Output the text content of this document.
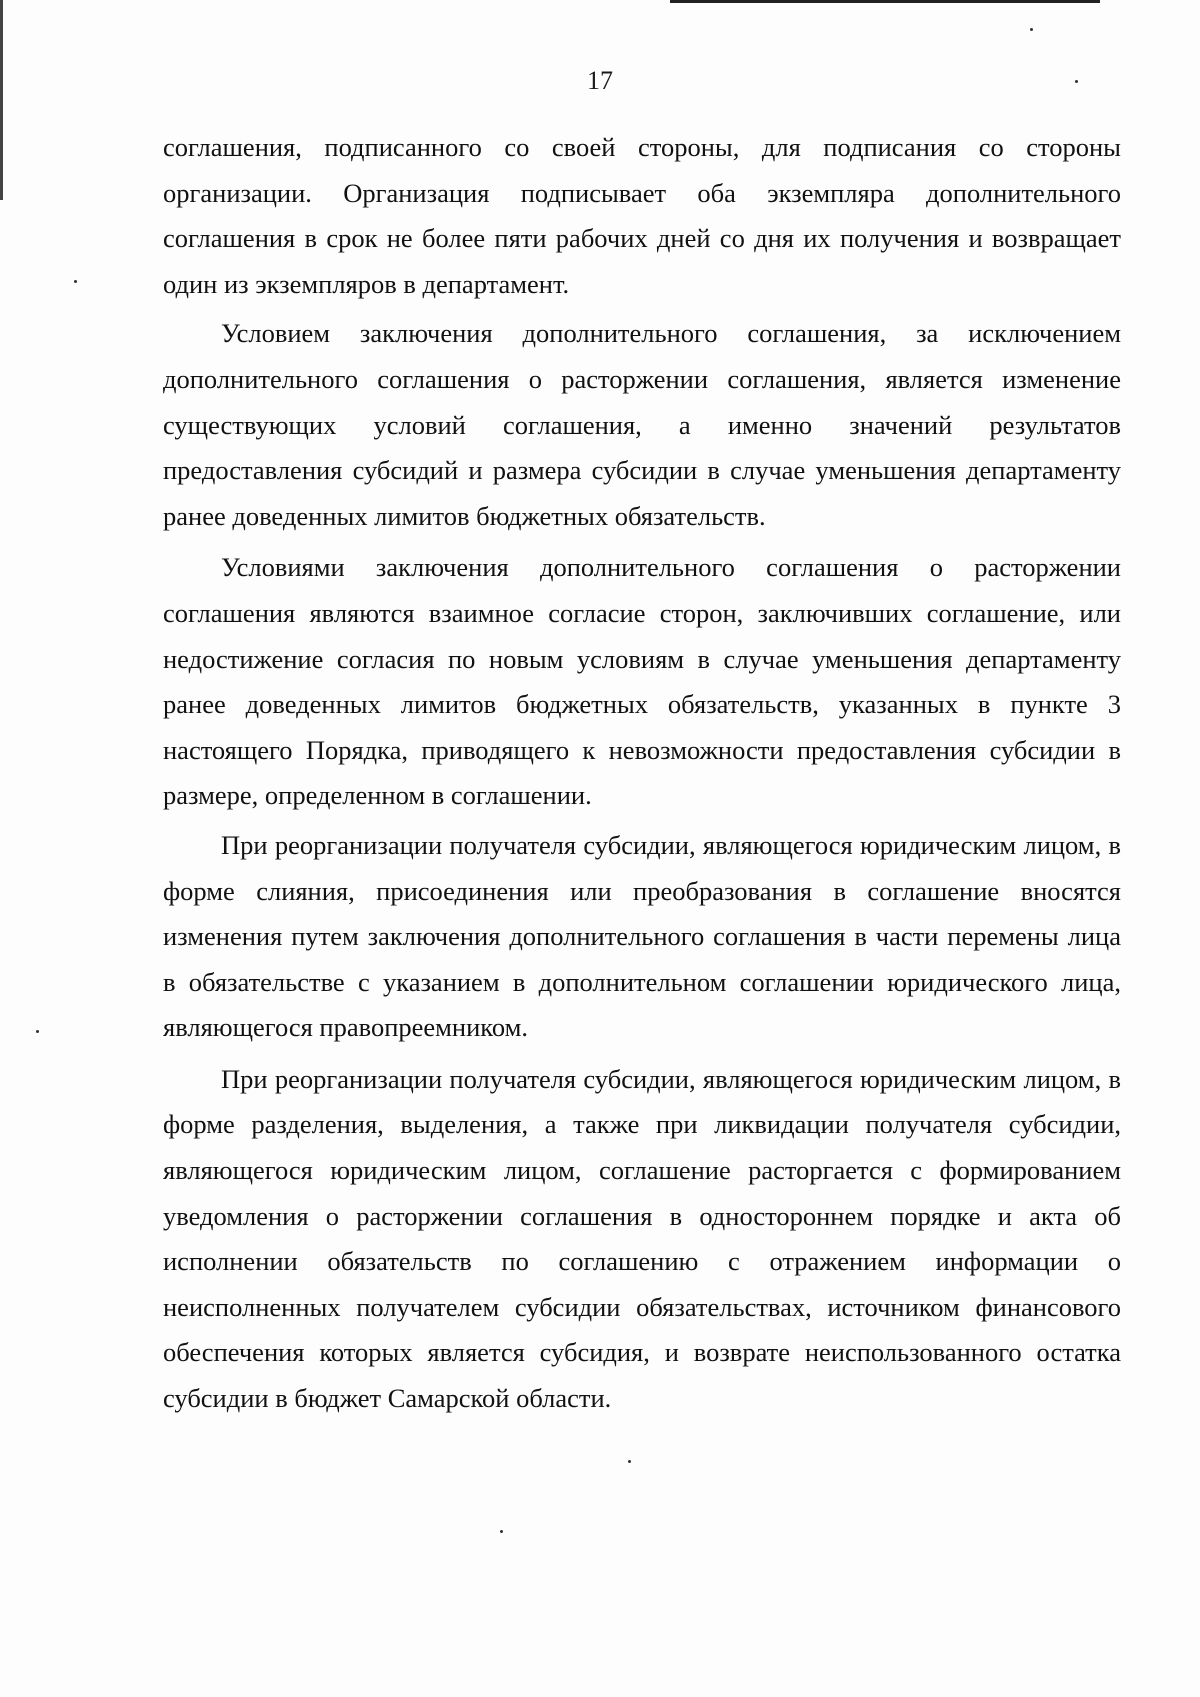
17

соглашения, подписанного со своей стороны, для подписания со стороны организации. Организация подписывает оба экземпляра дополнительного соглашения в срок не более пяти рабочих дней со дня их получения и возвращает один из экземпляров в департамент.

Условием заключения дополнительного соглашения, за исключением дополнительного соглашения о расторжении соглашения, является изменение существующих условий соглашения, а именно значений результатов предоставления субсидий и размера субсидии в случае уменьшения департаменту ранее доведенных лимитов бюджетных обязательств.

Условиями заключения дополнительного соглашения о расторжении соглашения являются взаимное согласие сторон, заключивших соглашение, или недостижение согласия по новым условиям в случае уменьшения департаменту ранее доведенных лимитов бюджетных обязательств, указанных в пункте 3 настоящего Порядка, приводящего к невозможности предоставления субсидии в размере, определенном в соглашении.

При реорганизации получателя субсидии, являющегося юридическим лицом, в форме слияния, присоединения или преобразования в соглашение вносятся изменения путем заключения дополнительного соглашения в части перемены лица в обязательстве с указанием в дополнительном соглашении юридического лица, являющегося правопреемником.

При реорганизации получателя субсидии, являющегося юридическим лицом, в форме разделения, выделения, а также при ликвидации получателя субсидии, являющегося юридическим лицом, соглашение расторгается с формированием уведомления о расторжении соглашения в одностороннем порядке и акта об исполнении обязательств по соглашению с отражением информации о неисполненных получателем субсидии обязательствах, источником финансового обеспечения которых является субсидия, и возврате неиспользованного остатка субсидии в бюджет Самарской области.
